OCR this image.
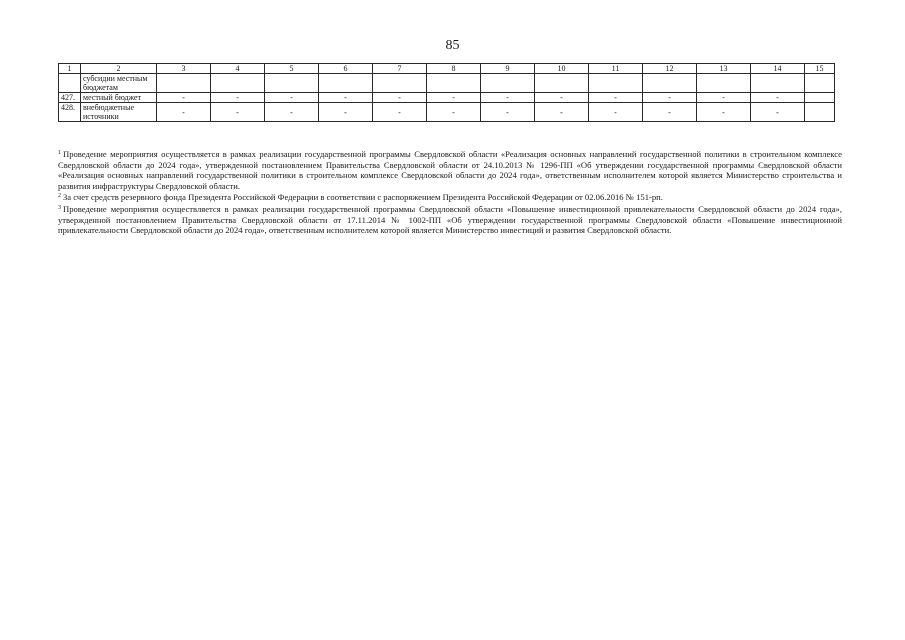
85
1	2	3	4	5	6	7	8	9	10	11	12	13	14	15
	субсидии местным бюджетам													
427.	местный бюджет	-	-	-	-	-	-	-	-	-	-	-	-	
428.	внебюджетные источники	-	-	-	-	-	-	-	-	-	-	-	-	

$^1$ Проведение мероприятия осуществляется в рамках реализации государственной программы Свердловской области «Реализация основных направлений государственной политики в строительном комплексе Свердловской области до 2024 года», утвержденной постановлением Правительства Свердловской области от 24.10.2013 № 1296-ПП «Об утверждении государственной программы Свердловской области «Реализация основных направлений государственной политики в строительном комплексе Свердловской области до 2024 года», ответственным исполнителем которой является Министерство строительства и развития инфраструктуры Свердловской области.

$^2$ За счет средств резервного фонда Президента Российской Федерации в соответствии с распоряжением Президента Российской Федерации от 02.06.2016 № 151-рп.

$^3$ Проведение мероприятия осуществляется в рамках реализации государственной программы Свердловской области «Повышение инвестиционной привлекательности Свердловской области до 2024 года», утвержденной постановлением Правительства Свердловской области от 17.11.2014 № 1002-ПП «Об утверждении государственной программы Свердловской области «Повышение инвестиционной привлекательности Свердловской области до 2024 года», ответственным исполнителем которой является Министерство инвестиций и развития Свердловской области.
